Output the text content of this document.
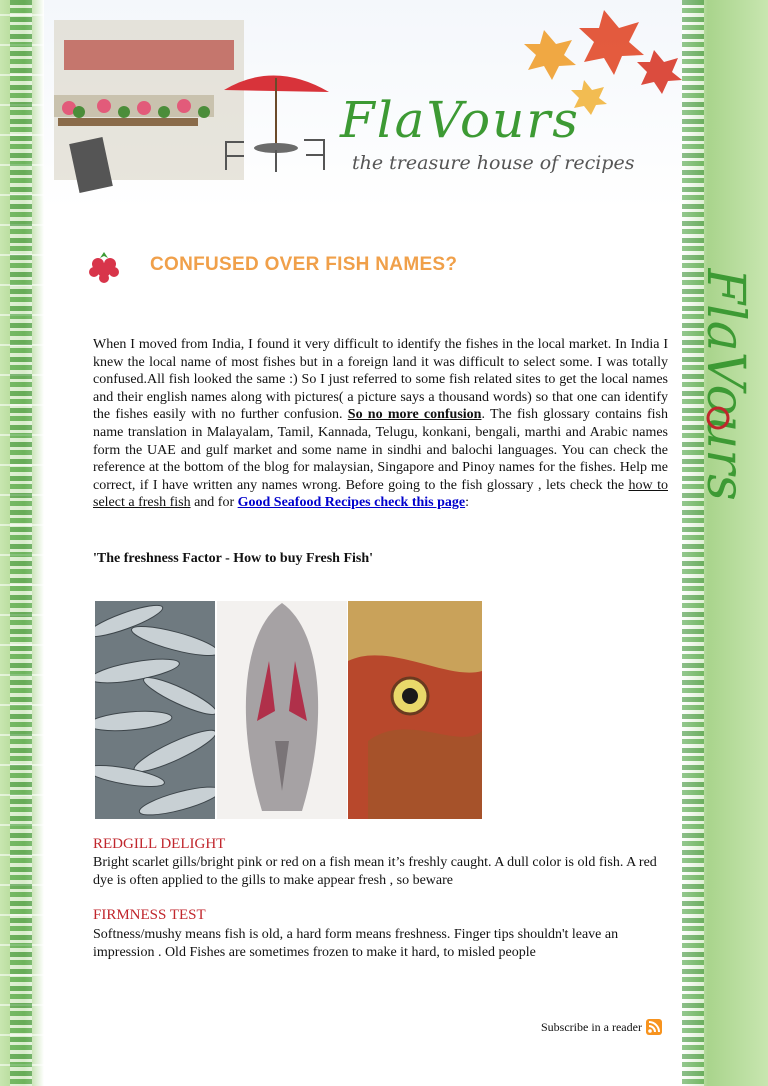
FlaVours
FlaVours
the treasure house of recipes
CONFUSED OVER FISH NAMES?

When I moved from India, I found it very difficult to identify the fishes in the local market. In India I knew the local name of most fishes but in a foreign land it was difficult to select some. I was totally confused.All fish looked the same :) So I just referred to some fish related sites to get the local names and their english names along with pictures( a picture says a thousand words) so that one can identify the fishes easily with no further confusion. So no more confusion. The fish glossary contains fish name translation in Malayalam, Tamil, Kannada, Telugu, konkani, bengali, marthi and Arabic names form the UAE and gulf market and some name in sindhi and balochi languages. You can check the reference at the bottom of the blog for malaysian, Singapore and Pinoy names for the fishes. Help me correct, if I have written any names wrong. Before going to the fish glossary , lets check the how to select a fresh fish and for Good Seafood Recipes check this page:

'The freshness Factor - How to buy Fresh Fish'
REDGILL DELIGHT

Bright scarlet gills/bright pink or red on a fish mean it’s freshly caught. A dull color is old fish. A red dye is often applied to the gills to make appear fresh , so beware

FIRMNESS TEST

Softness/mushy means fish is old, a hard form means freshness. Finger tips shouldn't leave an impression . Old Fishes are sometimes frozen to make it hard, to misled people

Subscribe in a reader
